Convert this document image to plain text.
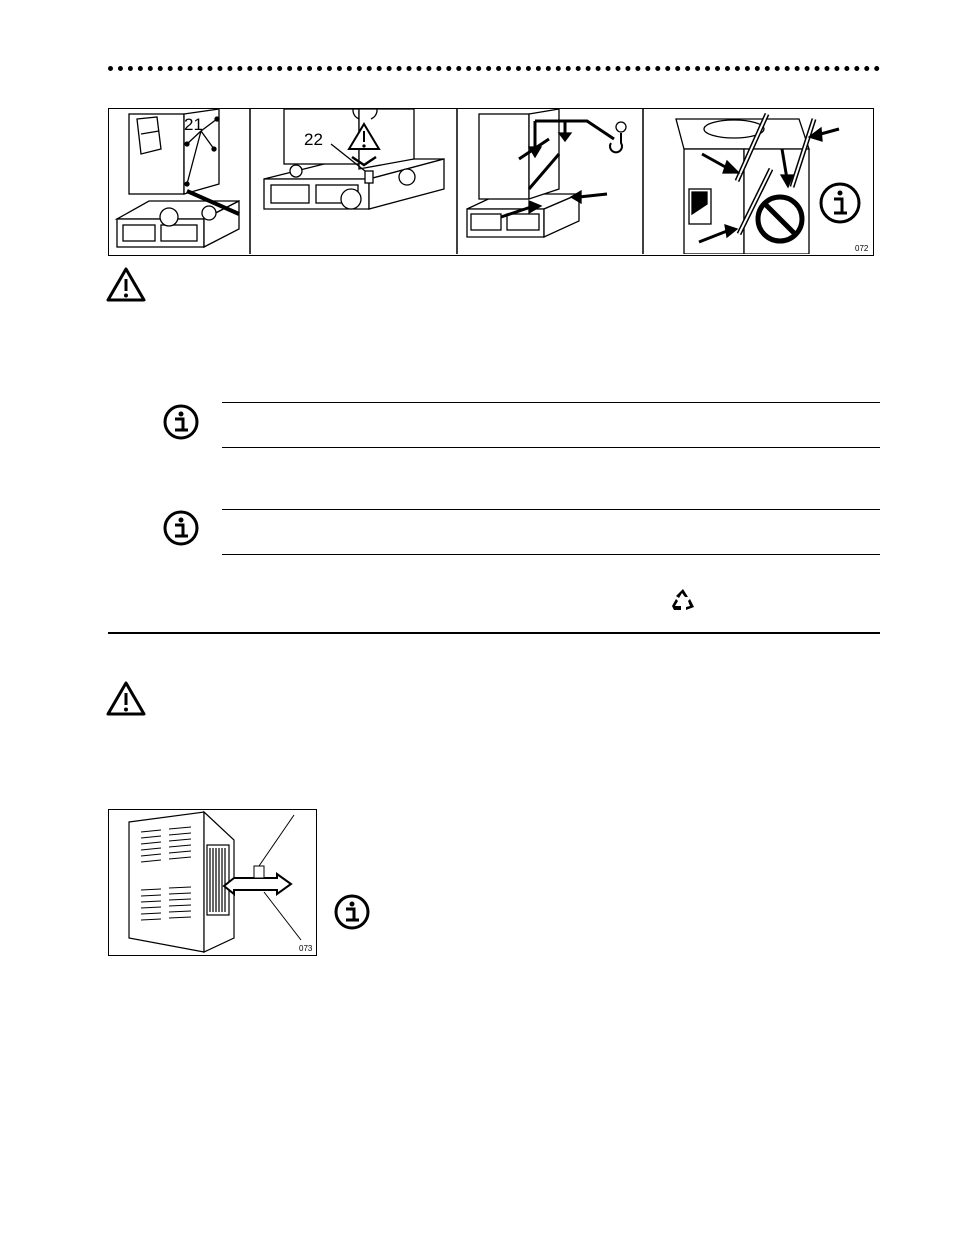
21
22
072
073
